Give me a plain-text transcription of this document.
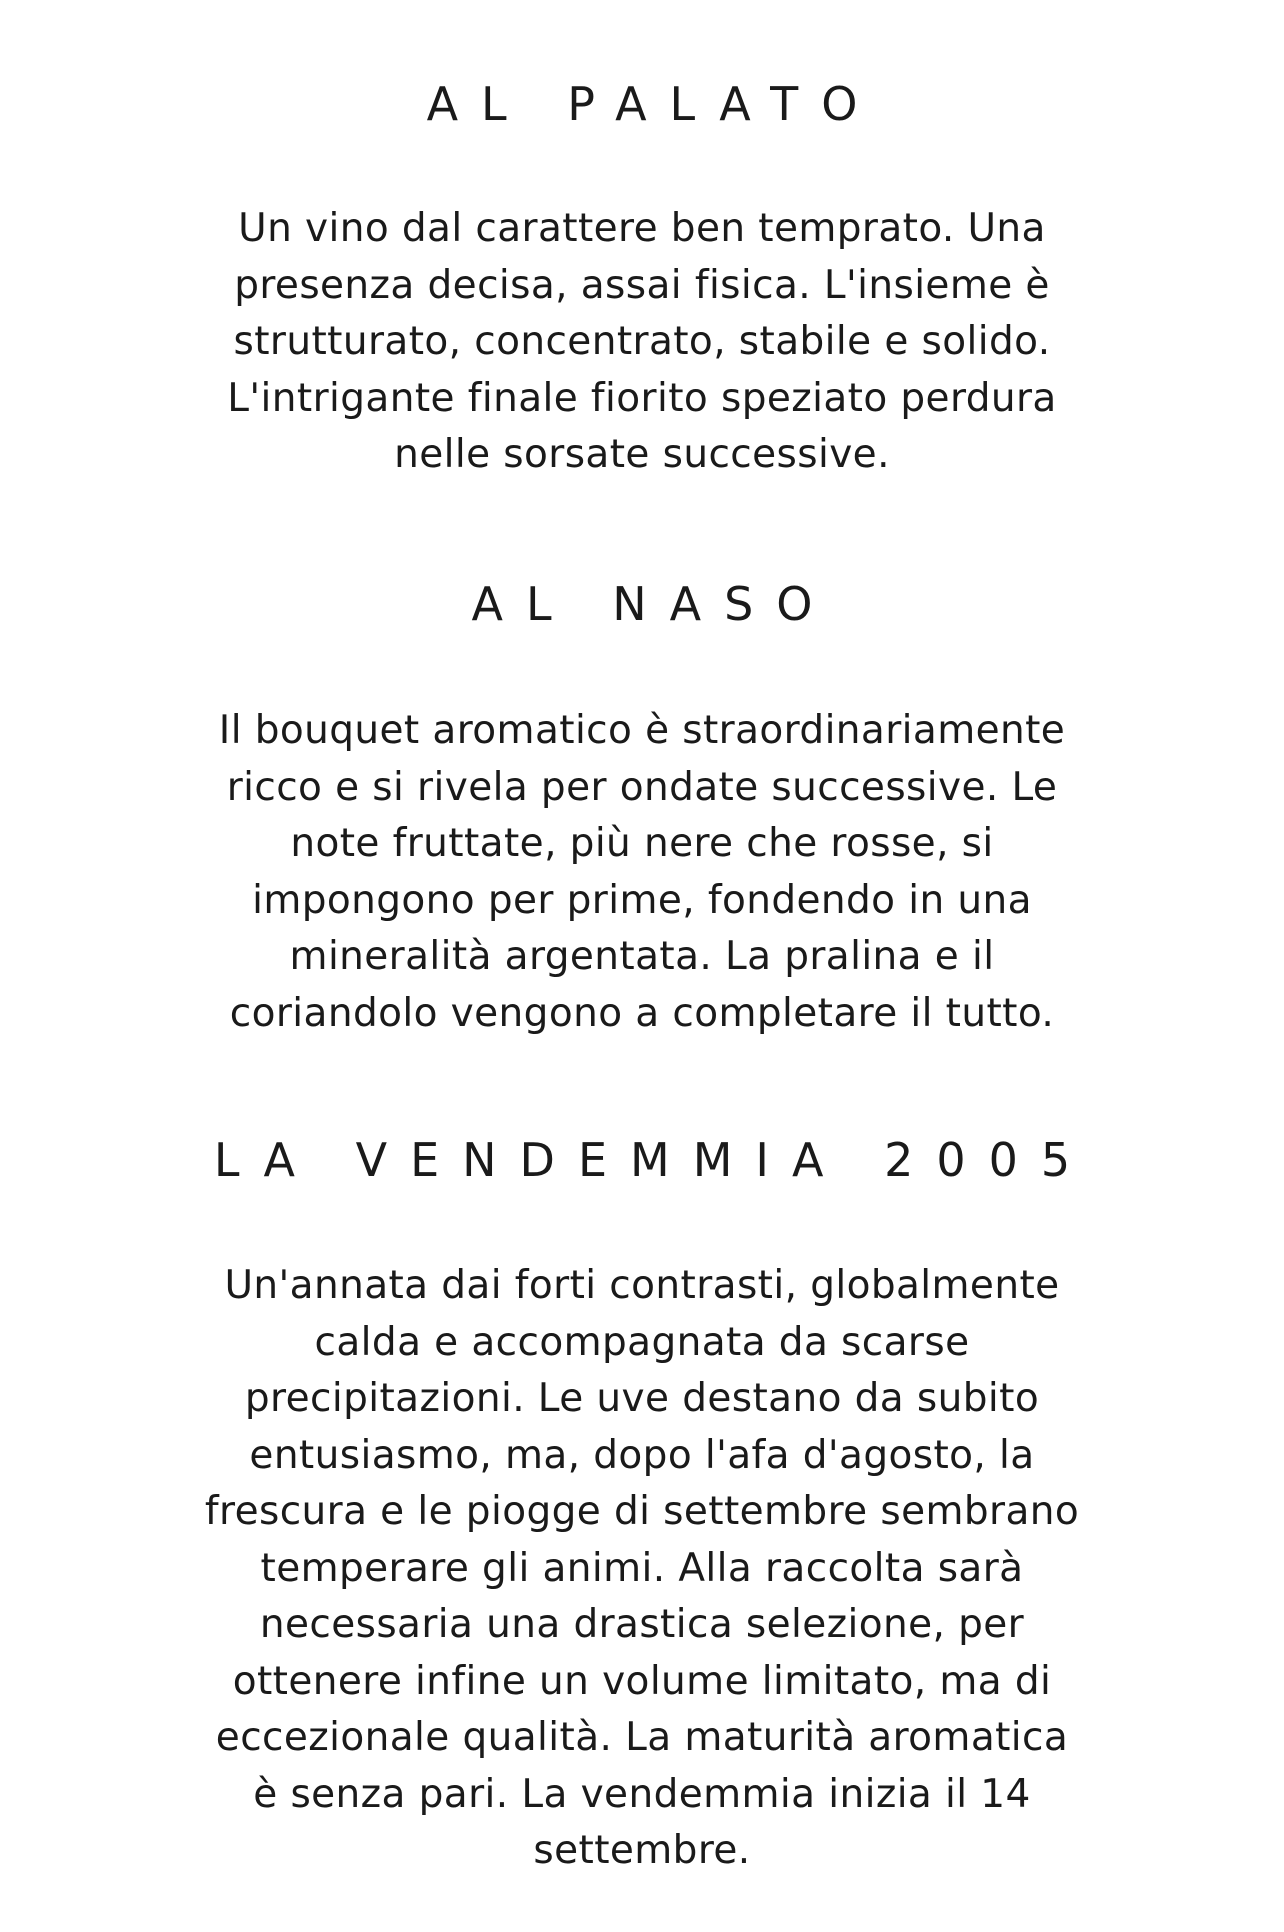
AL PALATO

Un vino dal carattere ben temprato. Una
presenza decisa, assai fisica. L'insieme è
strutturato, concentrato, stabile e solido.
L'intrigante finale fiorito speziato perdura
nelle sorsate successive.

AL NASO

Il bouquet aromatico è straordinariamente
ricco e si rivela per ondate successive. Le
note fruttate, più nere che rosse, si
impongono per prime, fondendo in una
mineralità argentata. La pralina e il
coriandolo vengono a completare il tutto.

LA VENDEMMIA 2005

Un'annata dai forti contrasti, globalmente
calda e accompagnata da scarse
precipitazioni. Le uve destano da subito
entusiasmo, ma, dopo l'afa d'agosto, la
frescura e le piogge di settembre sembrano
temperare gli animi. Alla raccolta sarà
necessaria una drastica selezione, per
ottenere infine un volume limitato, ma di
eccezionale qualità. La maturità aromatica
è senza pari. La vendemmia inizia il 14
settembre.
